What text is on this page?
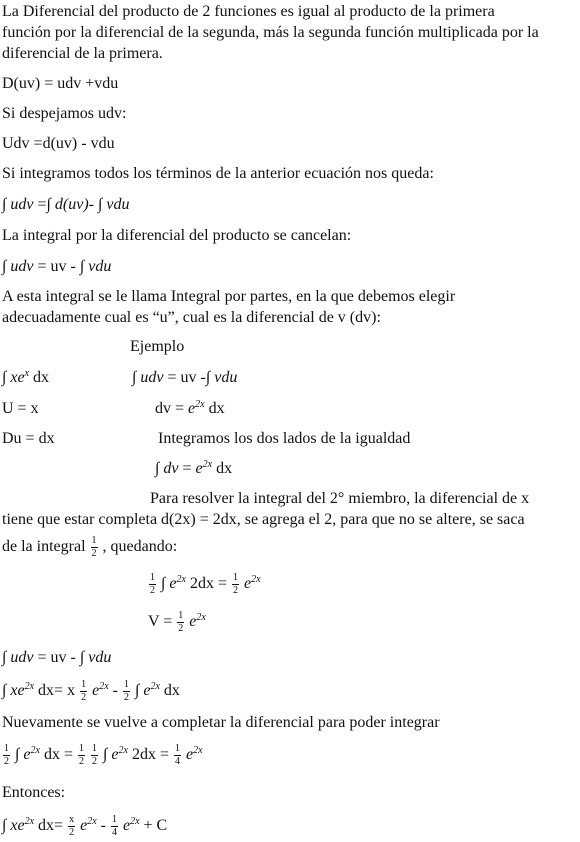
La Diferencial del producto de 2 funciones es igual al producto de la primera
función por la diferencial de la segunda, más la segunda función multiplicada por la
diferencial de la primera.
D(uv) = udv +vdu
Si despejamos udv:
Udv =d(uv) - vdu
Si integramos todos los términos de la anterior ecuación nos queda:
∫ udv =∫ d(uv)- ∫ vdu
La integral por la diferencial del producto se cancelan:
∫ udv = uv - ∫ vdu
A esta integral se le llama Integral por partes, en la que debemos elegir
adecuadamente cual es “u”, cual es la diferencial de v (dv):
Ejemplo
∫ $xe^x$ dx	∫ udv = uv -∫ vdu
U = x	dv = $e^{2x}$ dx
Du = dx	Integramos los dos lados de la igualdad
∫ dv = $e^{2x}$ dx
Para resolver la integral del 2° miembro, la diferencial de x
tiene que estar completa d(2x) = 2dx, se agrega el 2, para que no se altere, se saca
de la integral $\frac{1}{2}$ , quedando:
$\frac{1}{2}$ ∫ $e^{2x}$ $2dx = \frac{1}{2} e^{2x}$
$V = \frac{1}{2} e^{2x}$
∫ udv = uv - ∫ vdu
∫ $xe^{2x}$ dx= x $\frac{1}{2} e^{2x} - \frac{1}{2}$ ∫ $e^{2x}$ dx
Nuevamente se vuelve a completar la diferencial para poder integrar
$\frac{1}{2}$ ∫ $e^{2x}$ dx = $\frac{1}{2}$
$\frac{1}{2}$ ∫ $e^{2x}$ $2dx = \frac{1}{4} e^{2x}$
Entonces:
∫ $xe^{2x}$ $dx= \frac{x}{2} e^{2x} - \frac{1}{4} e^{2x} + C$
